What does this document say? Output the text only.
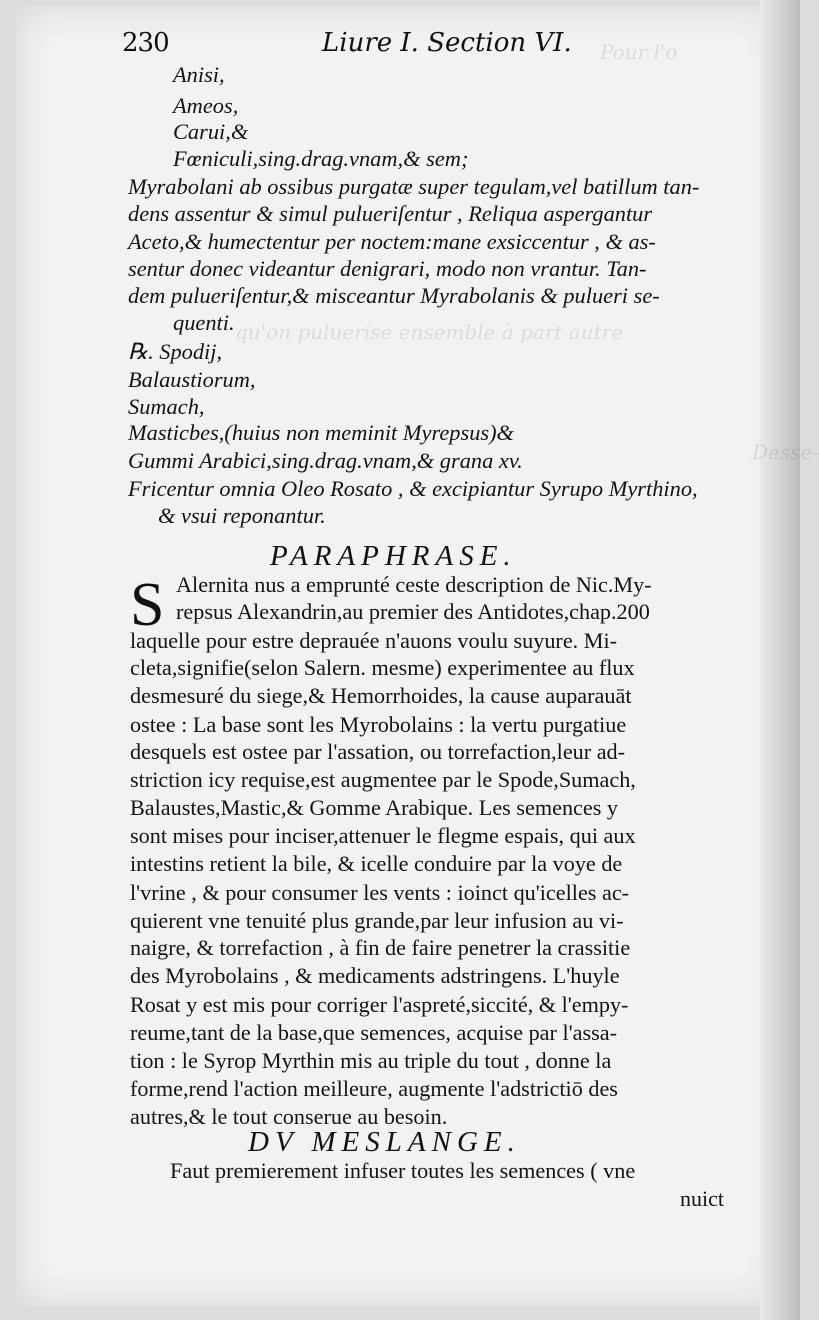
Pour l'o
qu'on puluerise ensemble à part autre
Desse-
230	Liure I. Section VI.
Anisi,
Ameos,
Carui,&
Fœniculi,sing.drag.vnam,& sem;
Myrabolani ab ossibus purgatæ super tegulam,vel batillum tan-
dens assentur & simul pulueriſentur , Reliqua aspergantur
Aceto,& humectentur per noctem:mane exsiccentur , & as-
sentur donec videantur denigrari, modo non vrantur. Tan-
dem pulueriſentur,& misceantur Myrabolanis & pulueri se-
quenti.
℞. Spodij,
Balaustiorum,
Sumach,
Masticbes,(huius non meminit Myrepsus)&
Gummi Arabici,sing.drag.vnam,& grana xv.
Fricentur omnia Oleo Rosato , & excipiantur Syrupo Myrthino,
& vsui reponantur.
PARAPHRASE.
S Alernita nus a emprunté ceste description de Nic.My-
repsus Alexandrin,au premier des Antidotes,chap.200
laquelle pour estre deprauée n'auons voulu suyure. Mi-
cleta,signifie(selon Salern. mesme) experimentee au flux
desmesuré du siege,& Hemorrhoides, la cause auparauāt
ostee : La base sont les Myrobolains : la vertu purgatiue
desquels est ostee par l'assation, ou torrefaction,leur ad-
striction icy requise,est augmentee par le Spode,Sumach,
Balaustes,Mastic,& Gomme Arabique. Les semences y
sont mises pour inciser,attenuer le flegme espais, qui aux
intestins retient la bile, & icelle conduire par la voye de
l'vrine , & pour consumer les vents : ioinct qu'icelles ac-
quierent vne tenuité plus grande,par leur infusion au vi-
naigre, & torrefaction , à fin de faire penetrer la crassitie
des Myrobolains , & medicaments adstringens. L'huyle
Rosat y est mis pour corriger l'aspreté,siccité, & l'empy-
reume,tant de la base,que semences, acquise par l'assa-
tion : le Syrop Myrthin mis au triple du tout , donne la
forme,rend l'action meilleure, augmente l'adstrictiō des
autres,& le tout conserue au besoin.
DV MESLANGE.
Faut premierement infuser toutes les semences ( vne
nuict
